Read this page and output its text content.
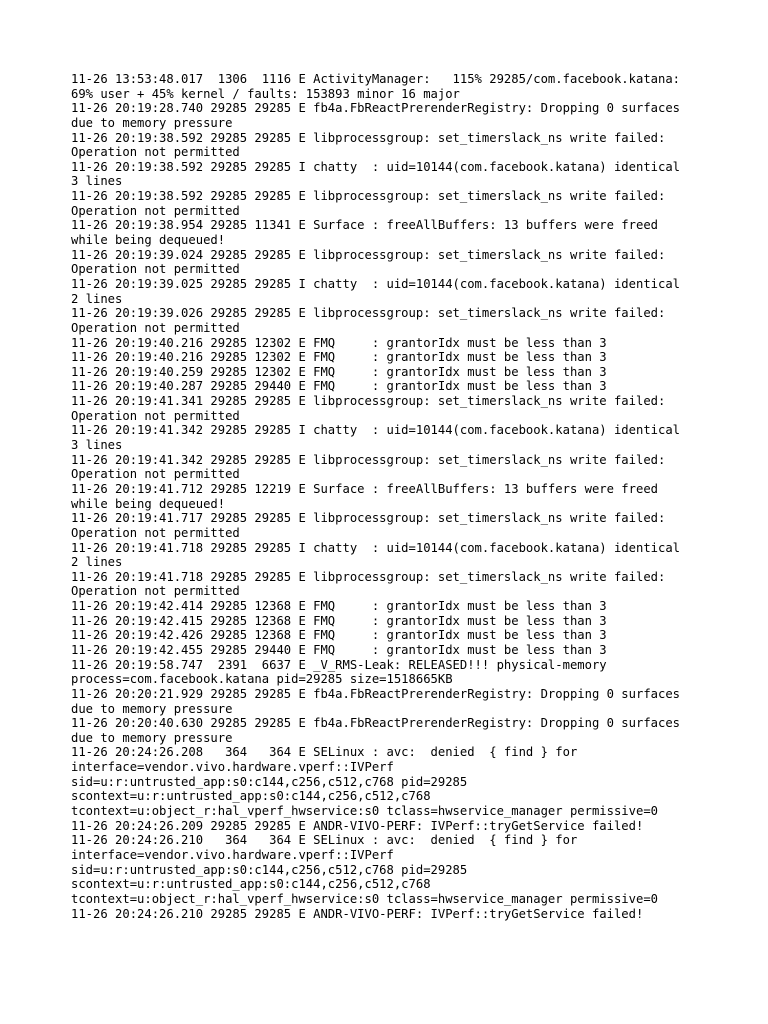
11-26 13:53:48.017  1306  1116 E ActivityManager:   115% 29285/com.facebook.katana:

69% user + 45% kernel / faults: 153893 minor 16 major

11-26 20:19:28.740 29285 29285 E fb4a.FbReactPrerenderRegistry: Dropping 0 surfaces

due to memory pressure

11-26 20:19:38.592 29285 29285 E libprocessgroup: set_timerslack_ns write failed:

Operation not permitted

11-26 20:19:38.592 29285 29285 I chatty  : uid=10144(com.facebook.katana) identical

3 lines

11-26 20:19:38.592 29285 29285 E libprocessgroup: set_timerslack_ns write failed:

Operation not permitted

11-26 20:19:38.954 29285 11341 E Surface : freeAllBuffers: 13 buffers were freed

while being dequeued!

11-26 20:19:39.024 29285 29285 E libprocessgroup: set_timerslack_ns write failed:

Operation not permitted

11-26 20:19:39.025 29285 29285 I chatty  : uid=10144(com.facebook.katana) identical

2 lines

11-26 20:19:39.026 29285 29285 E libprocessgroup: set_timerslack_ns write failed:

Operation not permitted

11-26 20:19:40.216 29285 12302 E FMQ     : grantorIdx must be less than 3

11-26 20:19:40.216 29285 12302 E FMQ     : grantorIdx must be less than 3

11-26 20:19:40.259 29285 12302 E FMQ     : grantorIdx must be less than 3

11-26 20:19:40.287 29285 29440 E FMQ     : grantorIdx must be less than 3

11-26 20:19:41.341 29285 29285 E libprocessgroup: set_timerslack_ns write failed:

Operation not permitted

11-26 20:19:41.342 29285 29285 I chatty  : uid=10144(com.facebook.katana) identical

3 lines

11-26 20:19:41.342 29285 29285 E libprocessgroup: set_timerslack_ns write failed:

Operation not permitted

11-26 20:19:41.712 29285 12219 E Surface : freeAllBuffers: 13 buffers were freed

while being dequeued!

11-26 20:19:41.717 29285 29285 E libprocessgroup: set_timerslack_ns write failed:

Operation not permitted

11-26 20:19:41.718 29285 29285 I chatty  : uid=10144(com.facebook.katana) identical

2 lines

11-26 20:19:41.718 29285 29285 E libprocessgroup: set_timerslack_ns write failed:

Operation not permitted

11-26 20:19:42.414 29285 12368 E FMQ     : grantorIdx must be less than 3

11-26 20:19:42.415 29285 12368 E FMQ     : grantorIdx must be less than 3

11-26 20:19:42.426 29285 12368 E FMQ     : grantorIdx must be less than 3

11-26 20:19:42.455 29285 29440 E FMQ     : grantorIdx must be less than 3

11-26 20:19:58.747  2391  6637 E _V_RMS-Leak: RELEASED!!! physical-memory

process=com.facebook.katana pid=29285 size=1518665KB

11-26 20:20:21.929 29285 29285 E fb4a.FbReactPrerenderRegistry: Dropping 0 surfaces

due to memory pressure

11-26 20:20:40.630 29285 29285 E fb4a.FbReactPrerenderRegistry: Dropping 0 surfaces

due to memory pressure

11-26 20:24:26.208   364   364 E SELinux : avc:  denied  { find } for

interface=vendor.vivo.hardware.vperf::IVPerf

sid=u:r:untrusted_app:s0:c144,c256,c512,c768 pid=29285

scontext=u:r:untrusted_app:s0:c144,c256,c512,c768

tcontext=u:object_r:hal_vperf_hwservice:s0 tclass=hwservice_manager permissive=0

11-26 20:24:26.209 29285 29285 E ANDR-VIVO-PERF: IVPerf::tryGetService failed!

11-26 20:24:26.210   364   364 E SELinux : avc:  denied  { find } for

interface=vendor.vivo.hardware.vperf::IVPerf

sid=u:r:untrusted_app:s0:c144,c256,c512,c768 pid=29285

scontext=u:r:untrusted_app:s0:c144,c256,c512,c768

tcontext=u:object_r:hal_vperf_hwservice:s0 tclass=hwservice_manager permissive=0

11-26 20:24:26.210 29285 29285 E ANDR-VIVO-PERF: IVPerf::tryGetService failed!
